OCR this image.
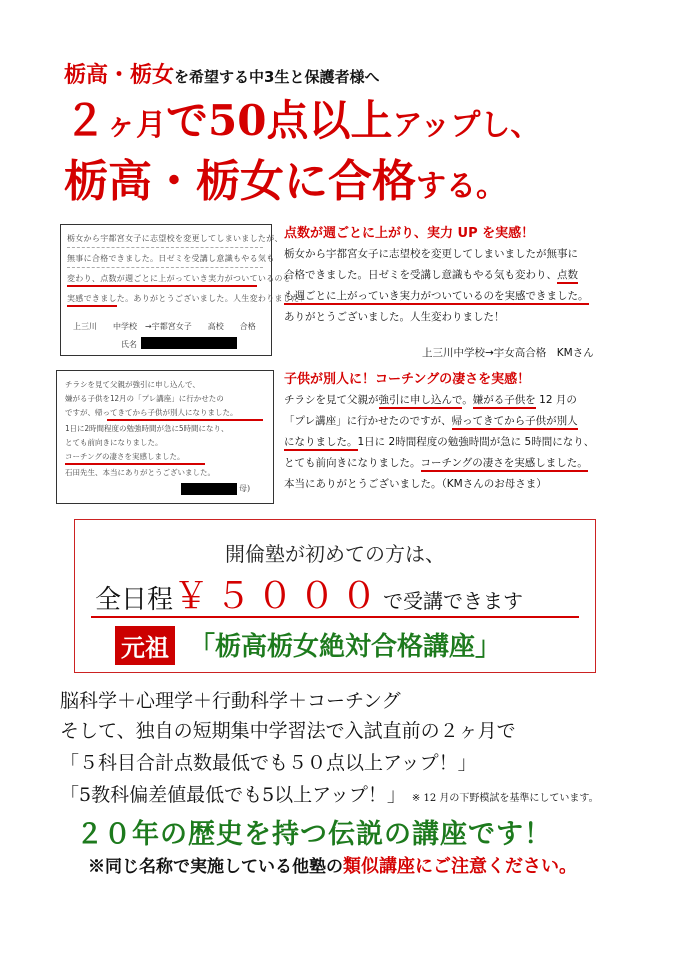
栃高・栃女を希望する中3生と保護者様へ
２ヶ月で50点以上アップし、
栃高・栃女に合格する。
栃女から宇都宮女子に志望校を変更してしまいましたが、
無事に合格できました。日ゼミを受講し意識もやる気も
変わり、点数が週ごとに上がっていき実力がついているのを
実感できました。ありがとうございました。人生変わりました！
上三川　　中学校　→宇都宮女子　　高校　　合格
氏名
点数が週ごとに上がり、実力 UP を実感！
栃女から宇都宮女子に志望校を変更してしまいましたが無事に
合格できました。日ゼミを受講し意識もやる気も変わり、点数
も週ごとに上がっていき実力がついているのを実感できました。
ありがとうございました。人生変わりました！
上三川中学校→宇女高合格　KMさん
チラシを見て父親が強引に申し込んで、
嫌がる子供を12月の「プレ講座」に行かせたの
ですが、帰ってきてから子供が別人になりました。
1日に2時間程度の勉強時間が急に5時間になり、
とても前向きになりました。
コーチングの凄さを実感しました。
石田先生、本当にありがとうございました。
母)
子供が別人に！コーチングの凄さを実感！
チラシを見て父親が強引に申し込んで。嫌がる子供を 12 月の
「プレ講座」に行かせたのですが、帰ってきてから子供が別人
になりました。1日に 2時間程度の勉強時間が急に 5時間になり、
とても前向きになりました。コーチングの凄さを実感しました。
本当にありがとうございました。（KMさんのお母さま）
開倫塾が初めての方は、
全日程￥５０００で受講できます
元祖 「栃高栃女絶対合格講座」
脳科学＋心理学＋行動科学＋コーチング
そして、独自の短期集中学習法で入試直前の２ヶ月で
「５科目合計点数最低でも５０点以上アップ！」
「5教科偏差値最低でも5以上アップ！」 ※ 12 月の下野模試を基準にしています。
２０年の歴史を持つ伝説の講座です！
※同じ名称で実施している他塾の類似講座にご注意ください。
